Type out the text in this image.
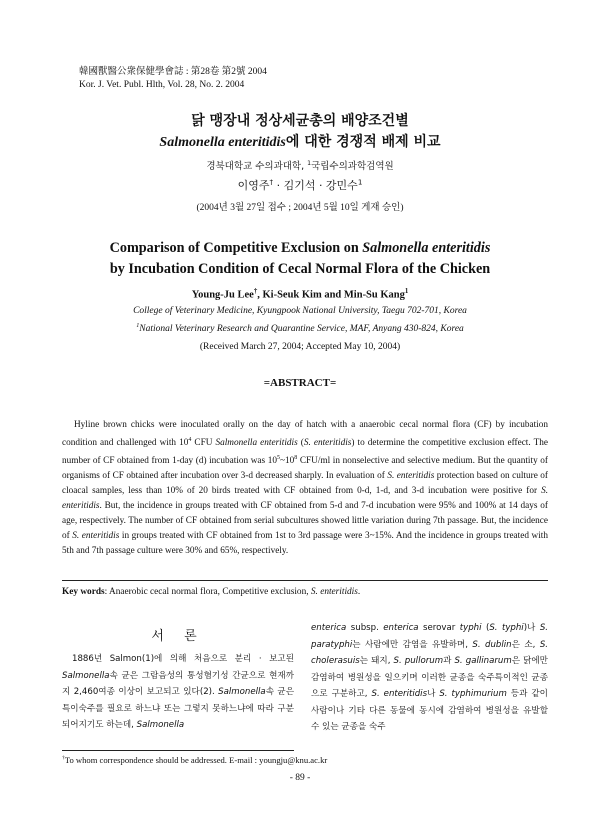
韓國獸醫公衆保健學會誌 : 第28卷 第2號 2004
Kor. J. Vet. Publ. Hlth, Vol. 28, No. 2. 2004
닭 맹장내 정상세균총의 배양조건별
Salmonella enteritidis에 대한 경쟁적 배제 비교
경북대학교 수의과대학, $^1$국립수의과학검역원
이영주† · 김기석 · 강민수$^1$
(2004년 3월 27일 접수 ; 2004년 5월 10일 게재 승인)
Comparison of Competitive Exclusion on Salmonella enteritidis
by Incubation Condition of Cecal Normal Flora of the Chicken
Young-Ju Lee†, Ki-Seuk Kim and Min-Su Kang$^1$
College of Veterinary Medicine, Kyungpook National University, Taegu 702-701, Korea
$^1$National Veterinary Research and Quarantine Service, MAF, Anyang 430-824, Korea
(Received March 27, 2004; Accepted May 10, 2004)
=ABSTRACT=
Hyline brown chicks were inoculated orally on the day of hatch with a anaerobic cecal normal flora (CF) by incubation condition and challenged with $10^4$ CFU Salmonella enteritidis (S. enteritidis) to determine the competitive exclusion effect. The number of CF obtained from 1-day (d) incubation was $10^5\sim 10^8$ CFU/ml in nonselective and selective medium. But the quantity of organisms of CF obtained after incubation over 3-d decreased sharply. In evaluation of S. enteritidis protection based on culture of cloacal samples, less than 10% of 20 birds treated with CF obtained from 0-d, 1-d, and 3-d incubation were positive for S. enteritidis. But, the incidence in groups treated with CF obtained from 5-d and 7-d incubation were 95% and 100% at 14 days of age, respectively. The number of CF obtained from serial subcultures showed little variation during 7th passage. But, the incidence of S. enteritidis in groups treated with CF obtained from 1st to 3rd passage were 3~15%. And the incidence in groups treated with 5th and 7th passage culture were 30% and 65%, respectively.
Key words: Anaerobic cecal normal flora, Competitive exclusion, S. enteritidis.
서 론
1886년 Salmon(1)에 의해 처음으로 분리 · 보고된 Salmonella속 균은 그람음성의 통성혐기성 간균으로 현재까지 2,460여종 이상이 보고되고 있다(2). Salmonella속 균은 특이숙주를 필요로 하느냐 또는 그렇지 못하느냐에 따라 구분되어지기도 하는데, Salmonella
enterica subsp. enterica serovar typhi (S. typhi)나 S. paratyphi는 사람에만 감염을 유발하며, S. dublin은 소, S. cholerasuis는 돼지, S. pullorum과 S. gallinarum은 닭에만 감염하여 병원성을 일으키며 이러한 균종을 숙주특이적인 균종으로 구분하고, S. enteritidis나 S. typhimurium 등과 같이 사람이나 기타 다른 동물에 동시에 감염하여 병원성을 유발할 수 있는 균종을 숙주
†To whom correspondence should be addressed. E-mail : youngju@knu.ac.kr
- 89 -
